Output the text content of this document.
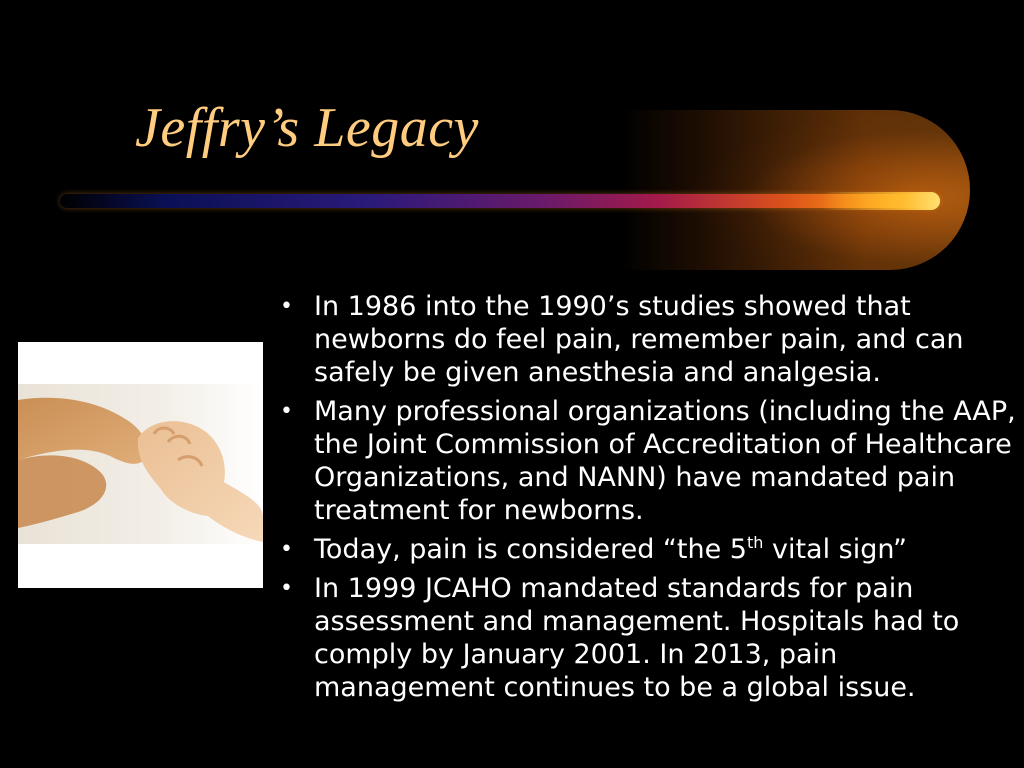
Jeffry’s Legacy
• In 1986 into the 1990’s studies showed that newborns do feel pain, remember pain, and can safely be given anesthesia and analgesia.
• Many professional organizations (including the AAP, the Joint Commission of Accreditation of Healthcare Organizations, and NANN) have mandated pain treatment for newborns.
• Today, pain is considered “the 5th vital sign”
• In 1999 JCAHO mandated standards for pain assessment and management. Hospitals had to comply by January 2001. In 2013, pain management continues to be a global issue.
